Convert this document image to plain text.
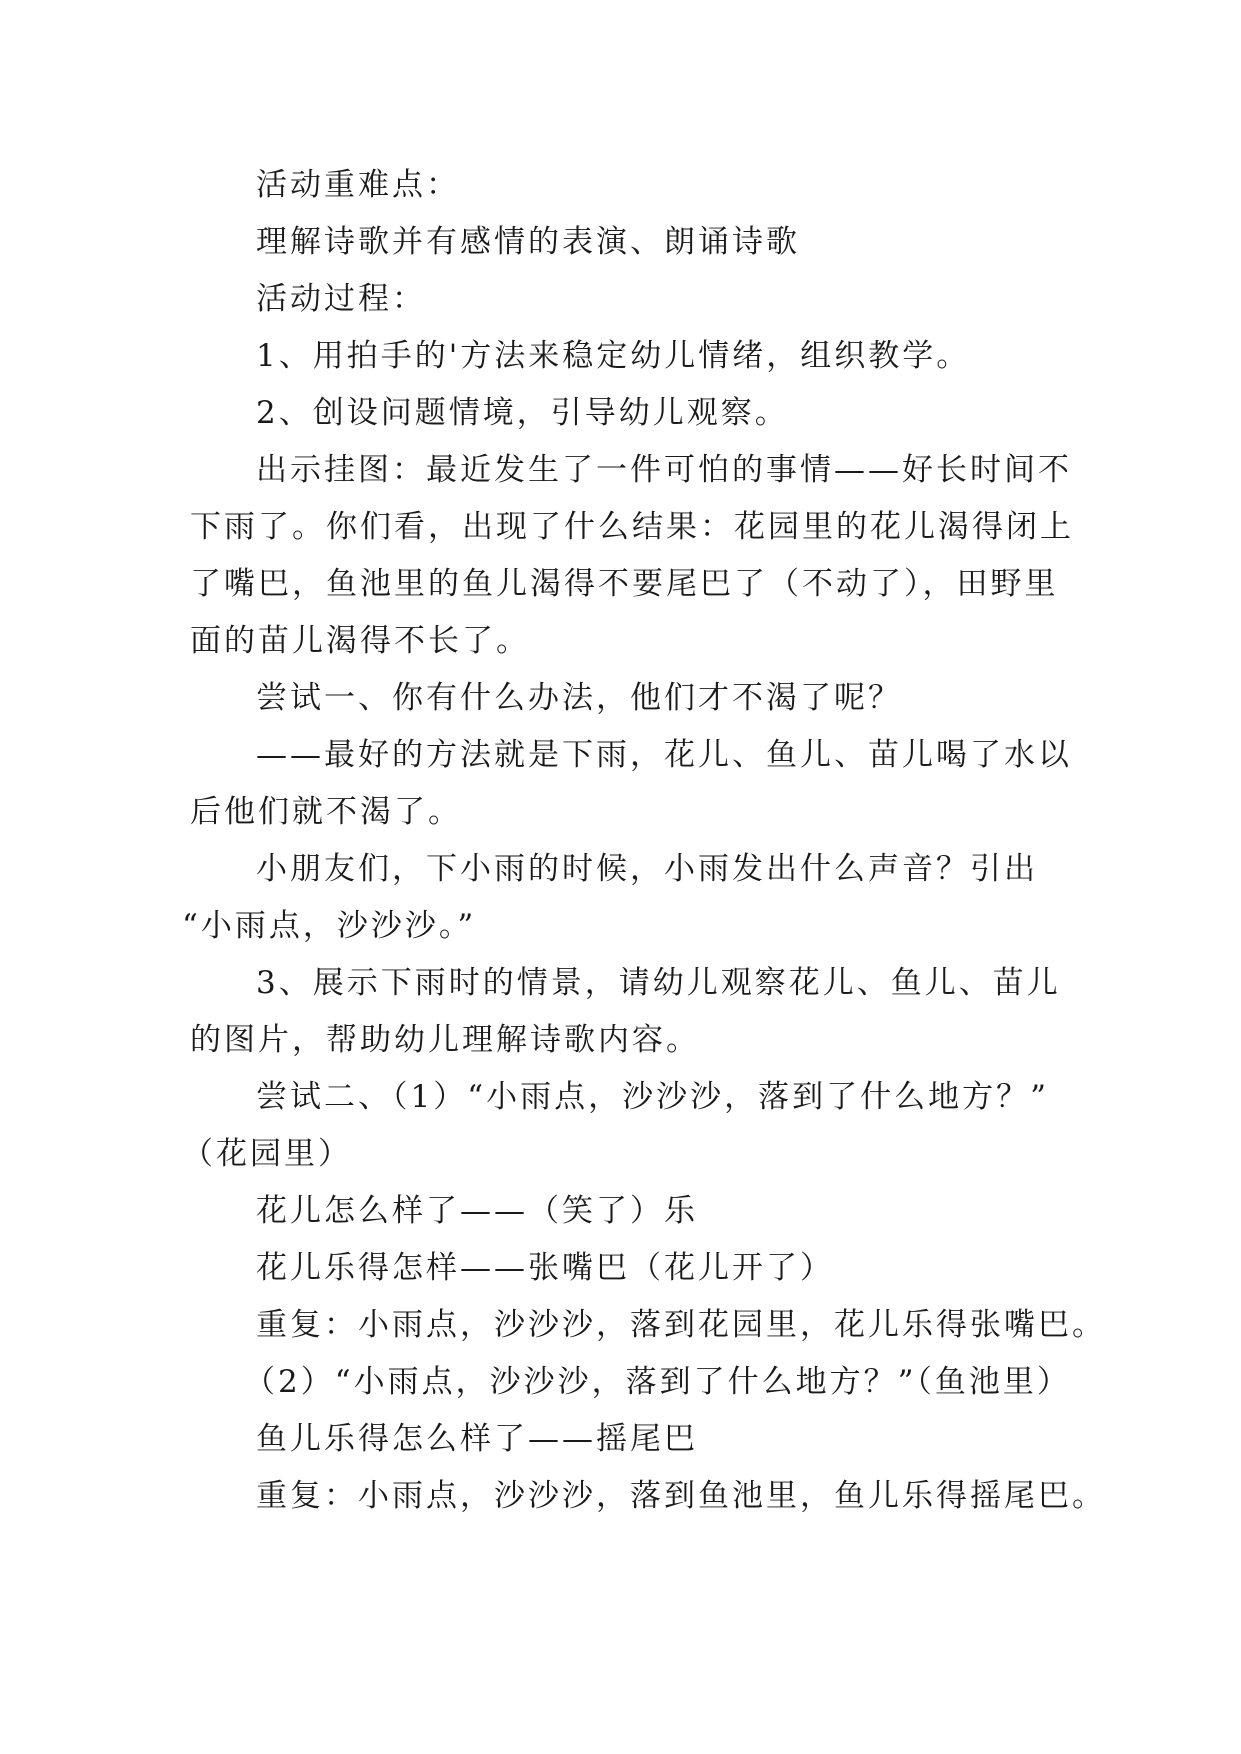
活动重难点：
理解诗歌并有感情的表演、朗诵诗歌
活动过程：
1、用拍手的'方法来稳定幼儿情绪，组织教学。
2、创设问题情境，引导幼儿观察。
出示挂图：最近发生了一件可怕的事情——好长时间不
下雨了。你们看，出现了什么结果：花园里的花儿渴得闭上
了嘴巴，鱼池里的鱼儿渴得不要尾巴了（不动了），田野里
面的苗儿渴得不长了。
尝试一、你有什么办法，他们才不渴了呢？
——最好的方法就是下雨，花儿、鱼儿、苗儿喝了水以
后他们就不渴了。
小朋友们，下小雨的时候，小雨发出什么声音？引出
“小雨点，沙沙沙。”
3、展示下雨时的情景，请幼儿观察花儿、鱼儿、苗儿
的图片，帮助幼儿理解诗歌内容。
尝试二、（1）“小雨点，沙沙沙，落到了什么地方？”
（花园里）
花儿怎么样了——（笑了）乐
花儿乐得怎样——张嘴巴（花儿开了）
重复：小雨点，沙沙沙，落到花园里，花儿乐得张嘴巴。
（2）“小雨点，沙沙沙，落到了什么地方？”（鱼池里）
鱼儿乐得怎么样了——摇尾巴
重复：小雨点，沙沙沙，落到鱼池里，鱼儿乐得摇尾巴。
